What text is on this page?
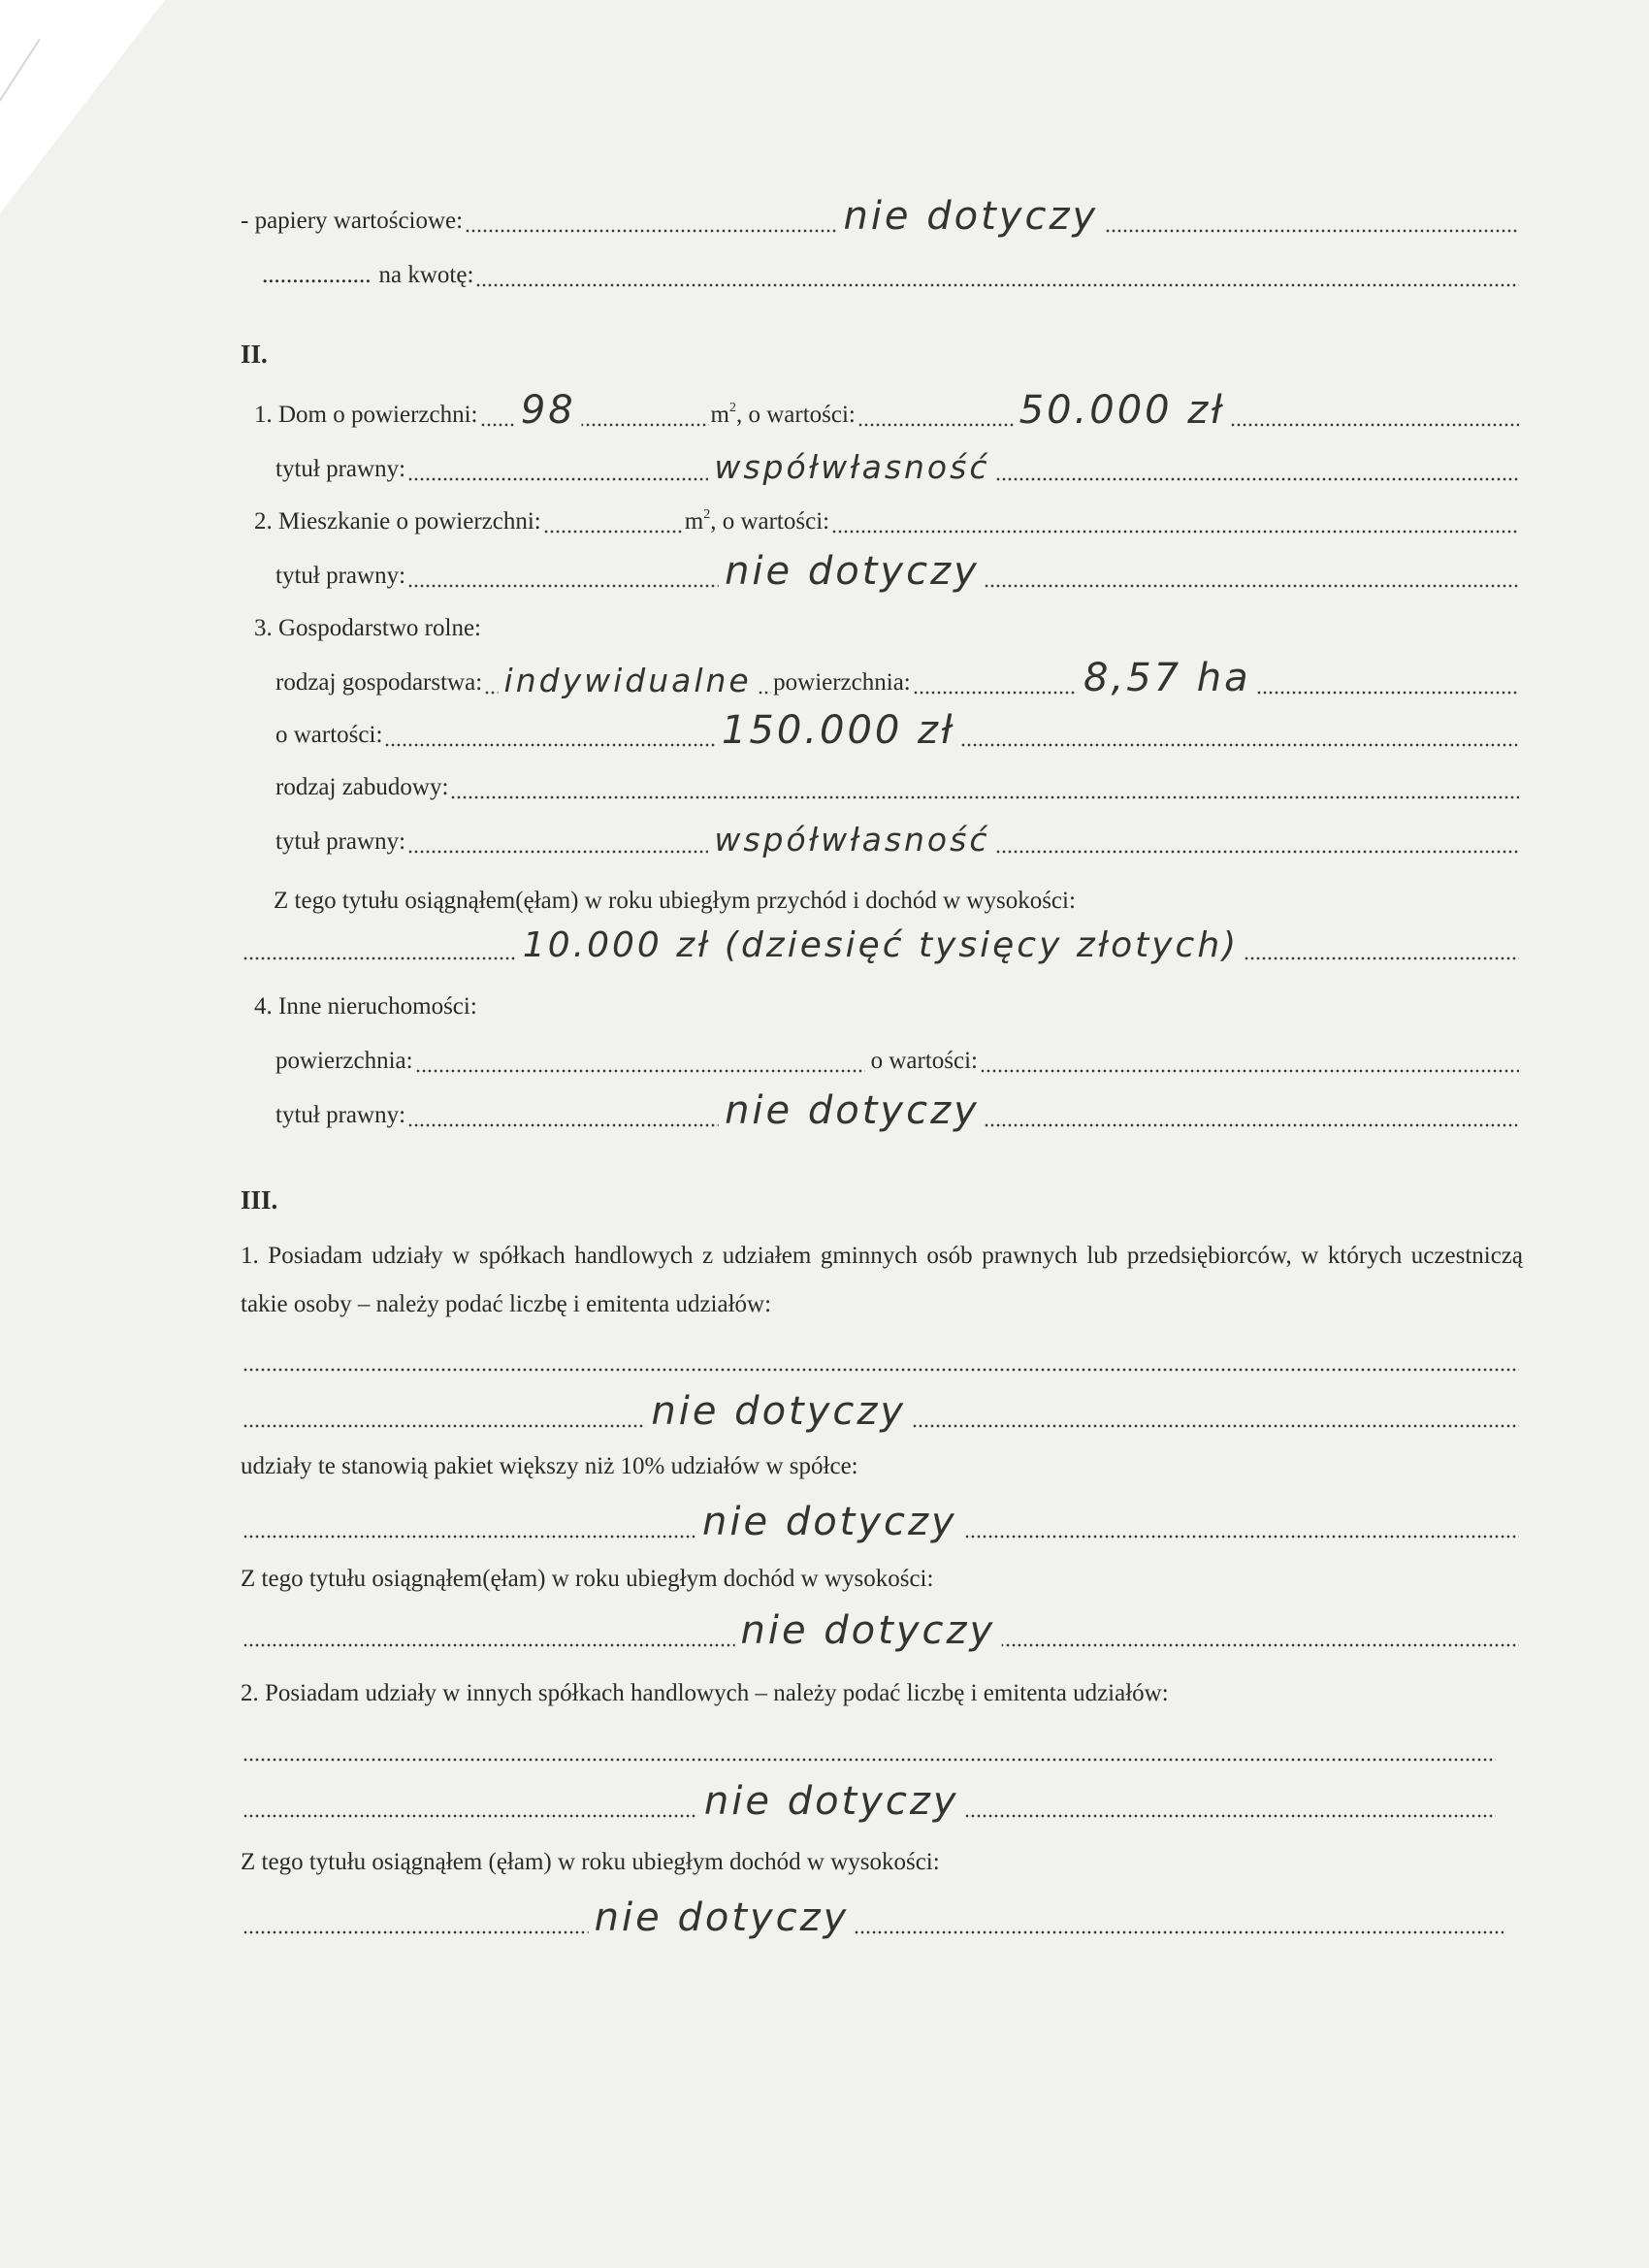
- papiery wartościowe:	nie dotyczy
.................. na kwotę:
II.
1. Dom o powierzchni: 98	$m^2$ , o wartości:	50.000 zł
tytuł prawny:	współwłasność
2. Mieszkanie o powierzchni:	$m^2$ , o wartości:
tytuł prawny:	nie dotyczy
3. Gospodarstwo rolne:
rodzaj gospodarstwa: indywidualne powierzchnia:	8,57 ha
o wartości:	150.000 zł
rodzaj zabudowy:
tytuł prawny:	współwłasność
Z tego tytułu osiągnąłem(ęłam) w roku ubiegłym przychód i dochód w wysokości:
10.000 zł (dziesięć tysięcy złotych)
4. Inne nieruchomości:
powierzchnia:	o wartości:
tytuł prawny:	nie dotyczy
III.
1. Posiadam udziały w spółkach handlowych z udziałem gminnych osób prawnych lub przedsiębiorców, w których uczestniczą takie osoby – należy podać liczbę i emitenta udziałów:
nie dotyczy
udziały te stanowią pakiet większy niż 10% udziałów w spółce:
nie dotyczy
Z tego tytułu osiągnąłem(ęłam) w roku ubiegłym dochód w wysokości:
nie dotyczy
2. Posiadam udziały w innych spółkach handlowych – należy podać liczbę i emitenta udziałów:
nie dotyczy
Z tego tytułu osiągnąłem (ęłam) w roku ubiegłym dochód w wysokości:
nie dotyczy
